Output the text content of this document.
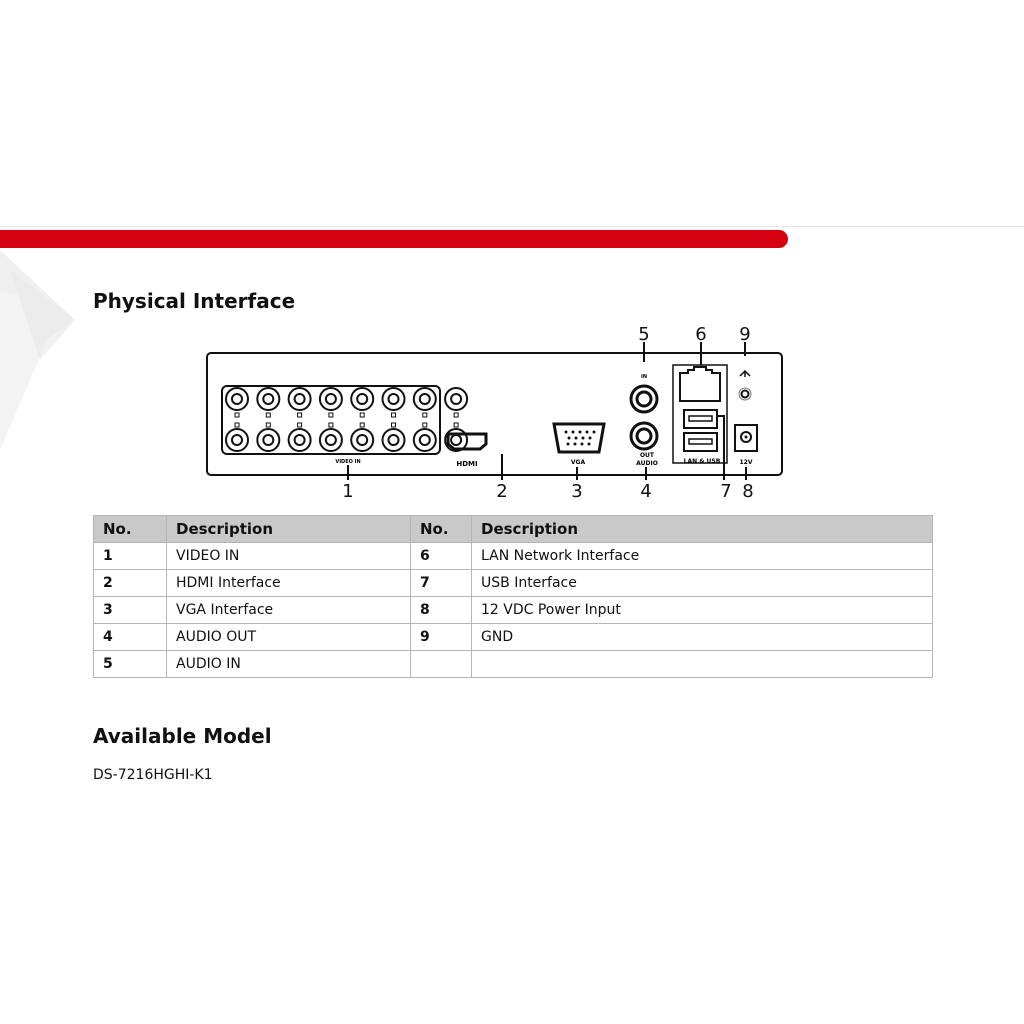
Physical Interface
VIDEO IN	HDMI	VGA
IN
OUT
AUDIO	LAN & USB	12V
1	2	3	4
5	6
7 8
9
No.	Description	No.	Description
1	VIDEO IN	6	LAN Network Interface
2	HDMI Interface	7	USB Interface
3	VGA Interface	8	12 VDC Power Input
4	AUDIO OUT	9	GND
5	AUDIO IN		
Available Model
DS-7216HGHI-K1
